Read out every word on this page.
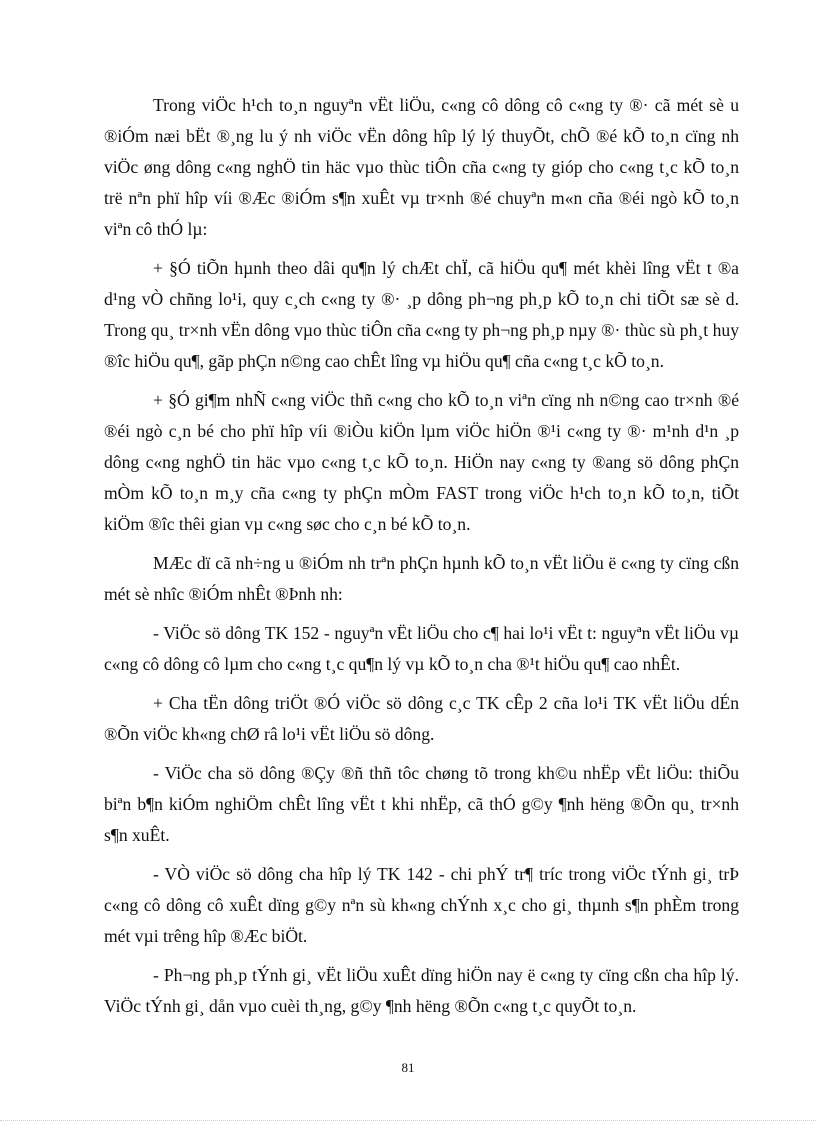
Trong viÖc h¹ch to¸n nguyªn vËt liÖu, c«ng cô dông cô c«ng ty ®· cã mét sè u ®iÓm næi bËt ®¸ng lu ý nh viÖc vËn dông hîp lý lý thuyÕt, chÕ ®é kÕ to¸n cïng nh viÖc øng dông c«ng nghÖ tin häc vµo thùc tiÔn cña c«ng ty gióp cho c«ng t¸c kÕ to¸n trë nªn phï hîp víi ®Æc ®iÓm s¶n xuÊt vµ tr×nh ®é chuyªn m«n cña ®éi ngò kÕ to¸n viªn cô thÓ lµ:

+ §Ó tiÕn hµnh theo dâi qu¶n lý chÆt chÏ, cã hiÖu qu¶ mét khèi lîng vËt t ®a d¹ng vÒ chñng lo¹i, quy c¸ch c«ng ty ®· ¸p dông ph¬ng ph¸p kÕ to¸n chi tiÕt sæ sè d. Trong qu¸ tr×nh vËn dông vµo thùc tiÔn cña c«ng ty ph¬ng ph¸p nµy ®· thùc sù ph¸t huy ®îc hiÖu qu¶, gãp phÇn n©ng cao chÊt lîng vµ hiÖu qu¶ cña c«ng t¸c kÕ to¸n.

+ §Ó gi¶m nhÑ c«ng viÖc thñ c«ng cho kÕ to¸n viªn cïng nh n©ng cao tr×nh ®é ®éi ngò c¸n bé cho phï hîp víi ®iÒu kiÖn lµm viÖc hiÖn ®¹i c«ng ty ®· m¹nh d¹n ¸p dông c«ng nghÖ tin häc vµo c«ng t¸c kÕ to¸n. HiÖn nay c«ng ty ®ang sö dông phÇn mÒm kÕ to¸n m¸y cña c«ng ty phÇn mÒm FAST trong viÖc h¹ch to¸n kÕ to¸n, tiÕt kiÖm ®îc thêi gian vµ c«ng søc cho c¸n bé kÕ to¸n.

MÆc dï cã nh÷ng u ®iÓm nh trªn phÇn hµnh kÕ to¸n vËt liÖu ë c«ng ty cïng cßn mét sè nhîc ®iÓm nhÊt ®Þnh nh:

- ViÖc sö dông TK 152 - nguyªn vËt liÖu cho c¶ hai lo¹i vËt t: nguyªn vËt liÖu vµ c«ng cô dông cô lµm cho c«ng t¸c qu¶n lý vµ kÕ to¸n cha ®¹t hiÖu qu¶ cao nhÊt.

+ Cha tËn dông triÖt ®Ó viÖc sö dông c¸c TK cÊp 2 cña lo¹i TK vËt liÖu dÉn ®Õn viÖc kh«ng chØ râ lo¹i vËt liÖu sö dông.

- ViÖc cha sö dông ®Çy ®ñ thñ tôc chøng tõ trong kh©u nhËp vËt liÖu: thiÕu biªn b¶n kiÓm nghiÖm chÊt lîng vËt t khi nhËp, cã thÓ g©y ¶nh hëng ®Õn qu¸ tr×nh s¶n xuÊt.

- VÒ viÖc sö dông cha hîp lý TK 142 - chi phÝ tr¶ tríc trong viÖc tÝnh gi¸ trÞ c«ng cô dông cô xuÊt dïng g©y nªn sù kh«ng chÝnh x¸c cho gi¸ thµnh s¶n phÈm trong mét vµi trêng hîp ®Æc biÖt.

- Ph¬ng ph¸p tÝnh gi¸ vËt liÖu xuÊt dïng hiÖn nay ë c«ng ty cïng cßn cha hîp lý. ViÖc tÝnh gi¸ dån vµo cuèi th¸ng, g©y ¶nh hëng ®Õn c«ng t¸c quyÕt to¸n.

81
